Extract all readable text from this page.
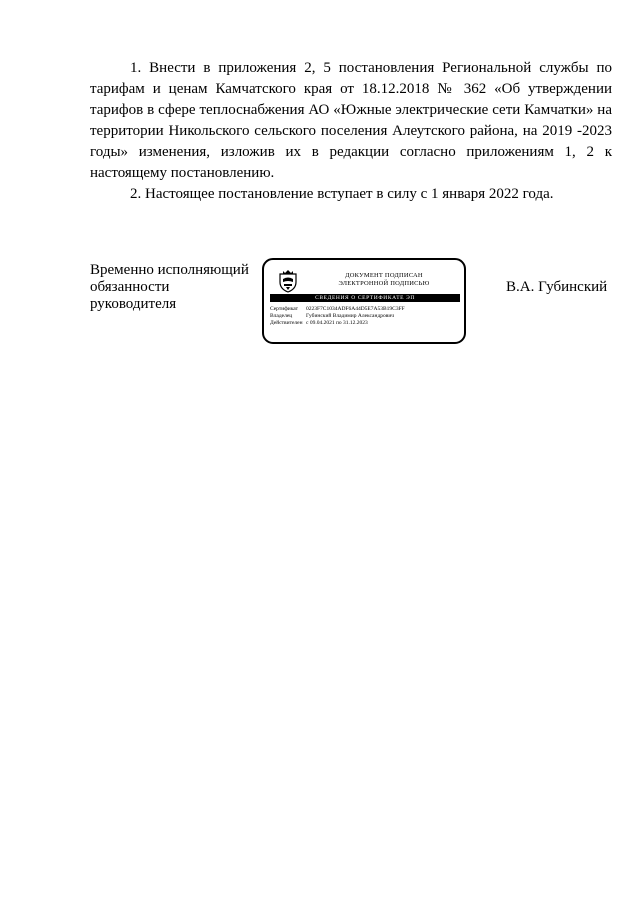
1. Внести в приложения 2, 5 постановления Региональной службы по тарифам и ценам Камчатского края от 18.12.2018 № 362 «Об утверждении тарифов в сфере теплоснабжения АО «Южные электрические сети Камчатки» на территории Никольского сельского поселения Алеутского района, на 2019 -2023 годы» изменения, изложив их в редакции согласно приложениям 1, 2 к настоящему постановлению.

2. Настоящее постановление вступает в силу с 1 января 2022 года.

Временно исполняющий
обязанности
руководителя
ДОКУМЕНТ ПОДПИСАН
ЭЛЕКТРОННОЙ ПОДПИСЬЮ
СВЕДЕНИЯ О СЕРТИФИКАТЕ ЭП
Сертификат	0223F7C1034ADF6A44D5E7A53B19C3FF
Владелец	Губинский Владимир Александрович
Действителен с 09.04.2021 по 31.12.2023
В.А. Губинский
